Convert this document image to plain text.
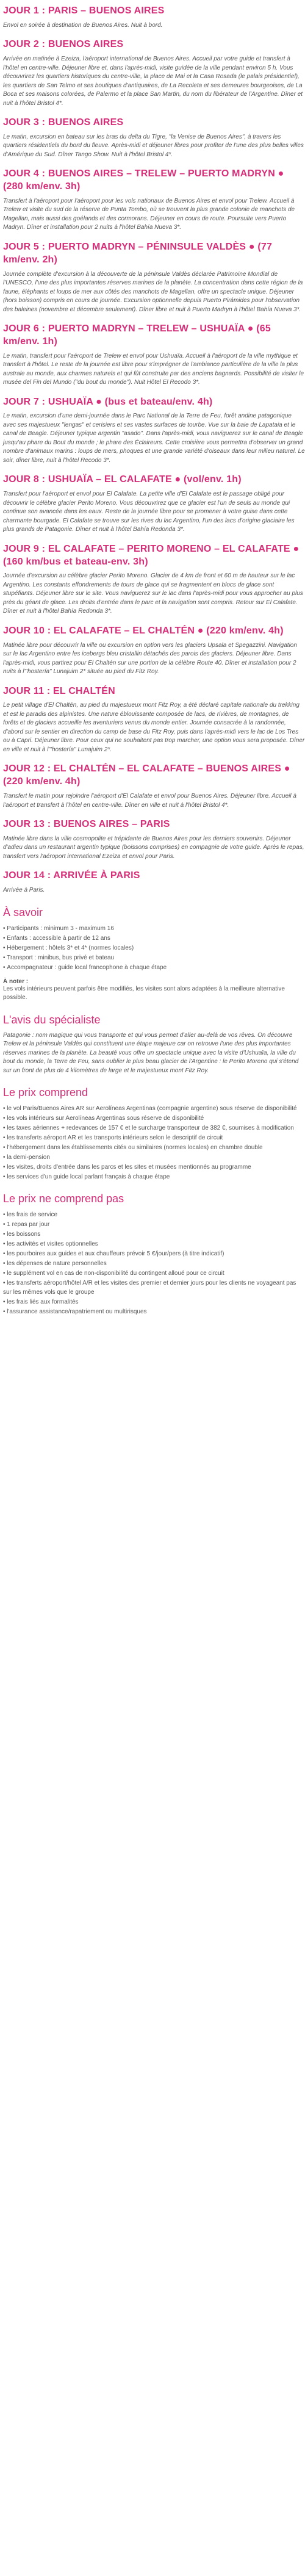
JOUR 1 : PARIS – BUENOS AIRES

Envol en soirée à destination de Buenos Aires. Nuit à bord.

JOUR 2 : BUENOS AIRES

Arrivée en matinée à Ezeiza, l'aéroport international de Buenos Aires. Accueil par votre guide et transfert à l'hôtel en centre-ville. Déjeuner libre et, dans l'après-midi, visite guidée de la ville pendant environ 5 h. Vous découvrirez les quartiers historiques du centre-ville, la place de Mai et la Casa Rosada (le palais présidentiel), les quartiers de San Telmo et ses boutiques d'antiquaires, de La Recoleta et ses demeures bourgeoises, de La Boca et ses maisons colorées, de Palermo et la place San Martin, du nom du libérateur de l'Argentine. Dîner et nuit à l'hôtel Bristol 4*.

JOUR 3 : BUENOS AIRES

Le matin, excursion en bateau sur les bras du delta du Tigre, "la Venise de Buenos Aires", à travers les quartiers résidentiels du bord du fleuve. Après-midi et déjeuner libres pour profiter de l'une des plus belles villes d'Amérique du Sud. Dîner Tango Show. Nuit à l'hôtel Bristol 4*.

JOUR 4 : BUENOS AIRES – TRELEW – PUERTO MADRYN ● (280 km/env. 3h)

Transfert à l'aéroport pour l'aéroport pour les vols nationaux de Buenos Aires et envol pour Trelew. Accueil à Trelew et visite du sud de la réserve de Punta Tombo, où se trouvent la plus grande colonie de manchots de Magellan, mais aussi des goélands et des cormorans. Déjeuner en cours de route. Poursuite vers Puerto Madryn. Dîner et installation pour 2 nuits à l'hôtel Bahía Nueva 3*.

JOUR 5 : PUERTO MADRYN – PÉNINSULE VALDÈS ● (77 km/env. 2h)

Journée complète d'excursion à la découverte de la péninsule Valdès déclarée Patrimoine Mondial de l'UNESCO, l'une des plus importantes réserves marines de la planète. La concentration dans cette région de la faune, éléphants et loups de mer aux côtés des manchots de Magellan, offre un spectacle unique. Déjeuner (hors boisson) compris en cours de journée. Excursion optionnelle depuis Puerto Pirámides pour l'observation des baleines (novembre et décembre seulement). Dîner libre et nuit à Puerto Madryn à l'hôtel Bahía Nueva 3*.

JOUR 6 : PUERTO MADRYN – TRELEW – USHUAÏA ● (65 km/env. 1h)

Le matin, transfert pour l'aéroport de Trelew et envol pour Ushuaïa. Accueil à l'aéroport de la ville mythique et transfert à l'hôtel. Le reste de la journée est libre pour s'imprégner de l'ambiance particulière de la ville la plus australe au monde, aux charmes naturels et qui fût construite par des anciens bagnards. Possibilité de visiter le musée del Fin del Mundo ("du bout du monde"). Nuit Hôtel El Recodo 3*.

JOUR 7 : USHUAÏA ● (bus et bateau/env. 4h)

Le matin, excursion d'une demi-journée dans le Parc National de la Terre de Feu, forêt andine patagonique avec ses majestueux "lengas" et cerisiers et ses vastes surfaces de tourbe. Vue sur la baie de Lapataia et le canal de Beagle. Déjeuner typique argentin "asado". Dans l'après-midi, vous naviguerez sur le canal de Beagle jusqu'au phare du Bout du monde ; le phare des Éclaireurs. Cette croisière vous permettra d'observer un grand nombre d'animaux marins : loups de mers, phoques et une grande variété d'oiseaux dans leur milieu naturel. Le soir, dîner libre, nuit à l'hôtel Recodo 3*.

JOUR 8 : USHUAÏA – EL CALAFATE ● (vol/env. 1h)

Transfert pour l'aéroport et envol pour El Calafate. La petite ville d'El Calafate est le passage obligé pour découvrir le célèbre glacier Perito Moreno. Vous découvrirez que ce glacier est l'un de seuls au monde qui continue son avancée dans les eaux. Reste de la journée libre pour se promener à votre guise dans cette charmante bourgade. El Calafate se trouve sur les rives du lac Argentino, l'un des lacs d'origine glaciaire les plus grands de Patagonie. Dîner et nuit à l'hôtel Bahía Redonda 3*.

JOUR 9 : EL CALAFATE – PERITO MORENO – EL CALAFATE ● (160 km/bus et bateau-env. 3h)

Journée d'excursion au célèbre glacier Perito Moreno. Glacier de 4 km de front et 60 m de hauteur sur le lac Argentino. Les constants effondrements de tours de glace qui se fragmentent en blocs de glace sont stupéfiants. Déjeuner libre sur le site. Vous naviguerez sur le lac dans l'après-midi pour vous approcher au plus près du géant de glace. Les droits d'entrée dans le parc et la navigation sont compris. Retour sur El Calafate. Dîner et nuit à l'hôtel Bahía Redonda 3*.

JOUR 10 : EL CALAFATE – EL CHALTÉN ● (220 km/env. 4h)

Matinée libre pour découvrir la ville ou excursion en option vers les glaciers Upsala et Spegazzini. Navigation sur le lac Argentino entre les icebergs bleu cristallin détachés des parois des glaciers. Déjeuner libre. Dans l'après-midi, vous partirez pour El Chaltén sur une portion de la célèbre Route 40. Dîner et installation pour 2 nuits à l'"hostería" Lunajuim 2* située au pied du Fitz Roy.

JOUR 11 : EL CHALTÉN

Le petit village d'El Chaltén, au pied du majestueux mont Fitz Roy, a été déclaré capitale nationale du trekking et est le paradis des alpinistes. Une nature éblouissante composée de lacs, de rivières, de montagnes, de forêts et de glaciers accueille les aventuriers venus du monde entier. Journée consacrée à la randonnée, d'abord sur le sentier en direction du camp de base du Fitz Roy, puis dans l'après-midi vers le lac de Los Tres ou à Capri. Déjeuner libre. Pour ceux qui ne souhaitent pas trop marcher, une option vous sera proposée. Dîner en ville et nuit à l'"hostería" Lunajuim 2*.

JOUR 12 : EL CHALTÉN – EL CALAFATE – BUENOS AIRES ● (220 km/env. 4h)

Transfert le matin pour rejoindre l'aéroport d'El Calafate et envol pour Buenos Aires. Déjeuner libre. Accueil à l'aéroport et transfert à l'hôtel en centre-ville. Dîner en ville et nuit à l'hôtel Bristol 4*.

JOUR 13 : BUENOS AIRES – PARIS

Matinée libre dans la ville cosmopolite et trépidante de Buenos Aires pour les derniers souvenirs. Déjeuner d'adieu dans un restaurant argentin typique (boissons comprises) en compagnie de votre guide. Après le repas, transfert vers l'aéroport international Ezeiza et envol pour Paris.

JOUR 14 : ARRIVÉE À PARIS

Arrivée à Paris.

À savoir
• Participants : minimum 3 - maximum 16
• Enfants : accessible à partir de 12 ans
• Hébergement : hôtels 3* et 4* (normes locales)
• Transport : minibus, bus privé et bateau
• Accompagnateur : guide local francophone à chaque étape
À noter :
Les vols intérieurs peuvent parfois être modifiés, les visites sont alors adaptées à la meilleure alternative possible.
L'avis du spécialiste

Patagonie : nom magique qui vous transporte et qui vous permet d'aller au-delà de vos rêves. On découvre Trelew et la péninsule Valdès qui constituent une étape majeure car on retrouve l'une des plus importantes réserves marines de la planète. La beauté vous offre un spectacle unique avec la visite d'Ushuaïa, la ville du bout du monde, la Terre de Feu, sans oublier le plus beau glacier de l'Argentine : le Perito Moreno qui s'étend sur un front de plus de 4 kilomètres de large et le majestueux mont Fitz Roy.

Le prix comprend
• le vol Paris/Buenos Aires AR sur Aerolíneas Argentinas (compagnie argentine) sous réserve de disponibilité
• les vols intérieurs sur Aerolíneas Argentinas sous réserve de disponibilité
• les taxes aériennes + redevances de 157 € et le surcharge transporteur de 382 €, soumises à modification
• les transferts aéroport AR et les transports intérieurs selon le descriptif de circuit
• l'hébergement dans les établissements cités ou similaires (normes locales) en chambre double
• la demi-pension
• les visites, droits d'entrée dans les parcs et les sites et musées mentionnés au programme
• les services d'un guide local parlant français à chaque étape
Le prix ne comprend pas
• les frais de service
• 1 repas par jour
• les boissons
• les activités et visites optionnelles
• les pourboires aux guides et aux chauffeurs prévoir 5 €/jour/pers (à titre indicatif)
• les dépenses de nature personnelles
• le supplément vol en cas de non-disponibilité du contingent alloué pour ce circuit
• les transferts aéroport/hôtel A/R et les visites des premier et dernier jours pour les clients ne voyageant pas sur les mêmes vols que le groupe
• les frais liés aux formalités
• l'assurance assistance/rapatriement ou multirisques
